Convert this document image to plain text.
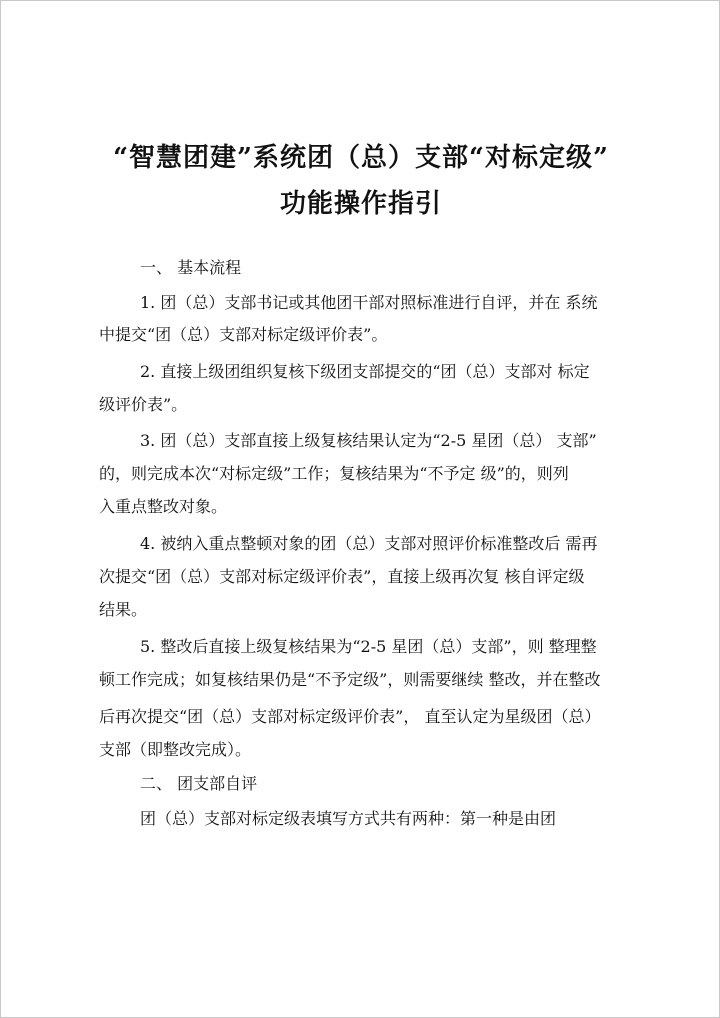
“智慧团建”系统团（总）支部“对标定级”
功能操作指引

一、 基本流程

1. 团（总）支部书记或其他团干部对照标准进行自评，并在 系统

中提交“团（总）支部对标定级评价表”。

2. 直接上级团组织复核下级团支部提交的“团（总）支部对 标定

级评价表”。

3. 团（总）支部直接上级复核结果认定为“2-5 星团（总） 支部”

的，则完成本次“对标定级”工作；复核结果为“不予定 级”的，则列

入重点整改对象。

4. 被纳入重点整顿对象的团（总）支部对照评价标准整改后 需再

次提交“团（总）支部对标定级评价表”，直接上级再次复 核自评定级

结果。

5. 整改后直接上级复核结果为“2-5 星团（总）支部”，则 整理整

顿工作完成；如复核结果仍是“不予定级”，则需要继续 整改，并在整改

后再次提交“团（总）支部对标定级评价表”， 直至认定为星级团（总）

支部（即整改完成）。

二、 团支部自评

团（总）支部对标定级表填写方式共有两种：第一种是由团
